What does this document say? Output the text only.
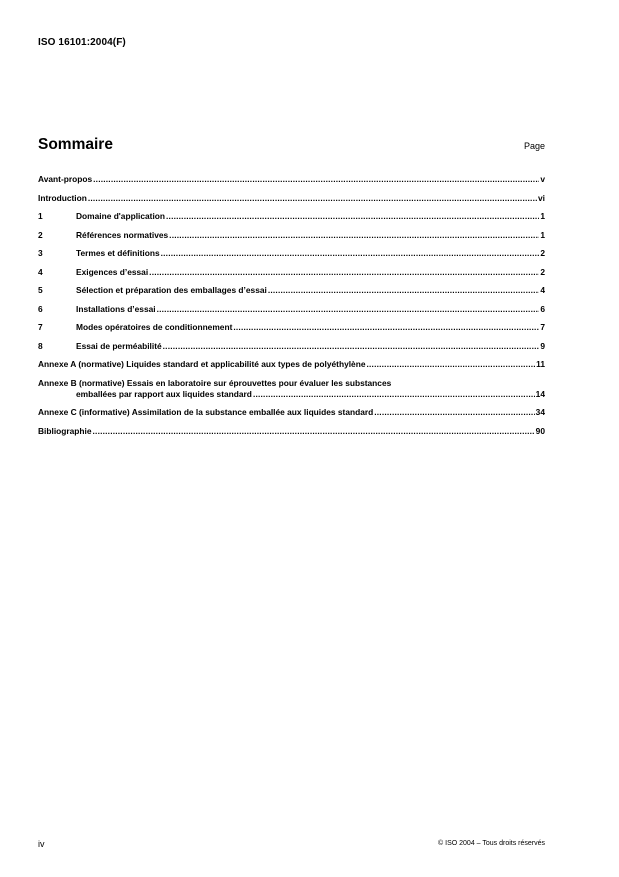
ISO 16101:2004(F)
Sommaire	Page
Avant-propos .....	v
Introduction .....	vi
1	Domaine d'application .....	1
2	Références normatives .....	1
3	Termes et définitions .....	2
4	Exigences d’essai .....	2
5	Sélection et préparation des emballages d’essai .....	4
6	Installations d’essai .....	6
7	Modes opératoires de conditionnement .....	7
8	Essai de perméabilité .....	9
Annexe A (normative) Liquides standard et applicabilité aux types de polyéthylène .....	11
Annexe B (normative) Essais en laboratoire sur éprouvettes pour évaluer les substances
emballées par rapport aux liquides standard .....	14
Annexe C (informative) Assimilation de la substance emballée aux liquides standard .....	34
Bibliographie .....	90
iv	© ISO 2004 – Tous droits réservés
